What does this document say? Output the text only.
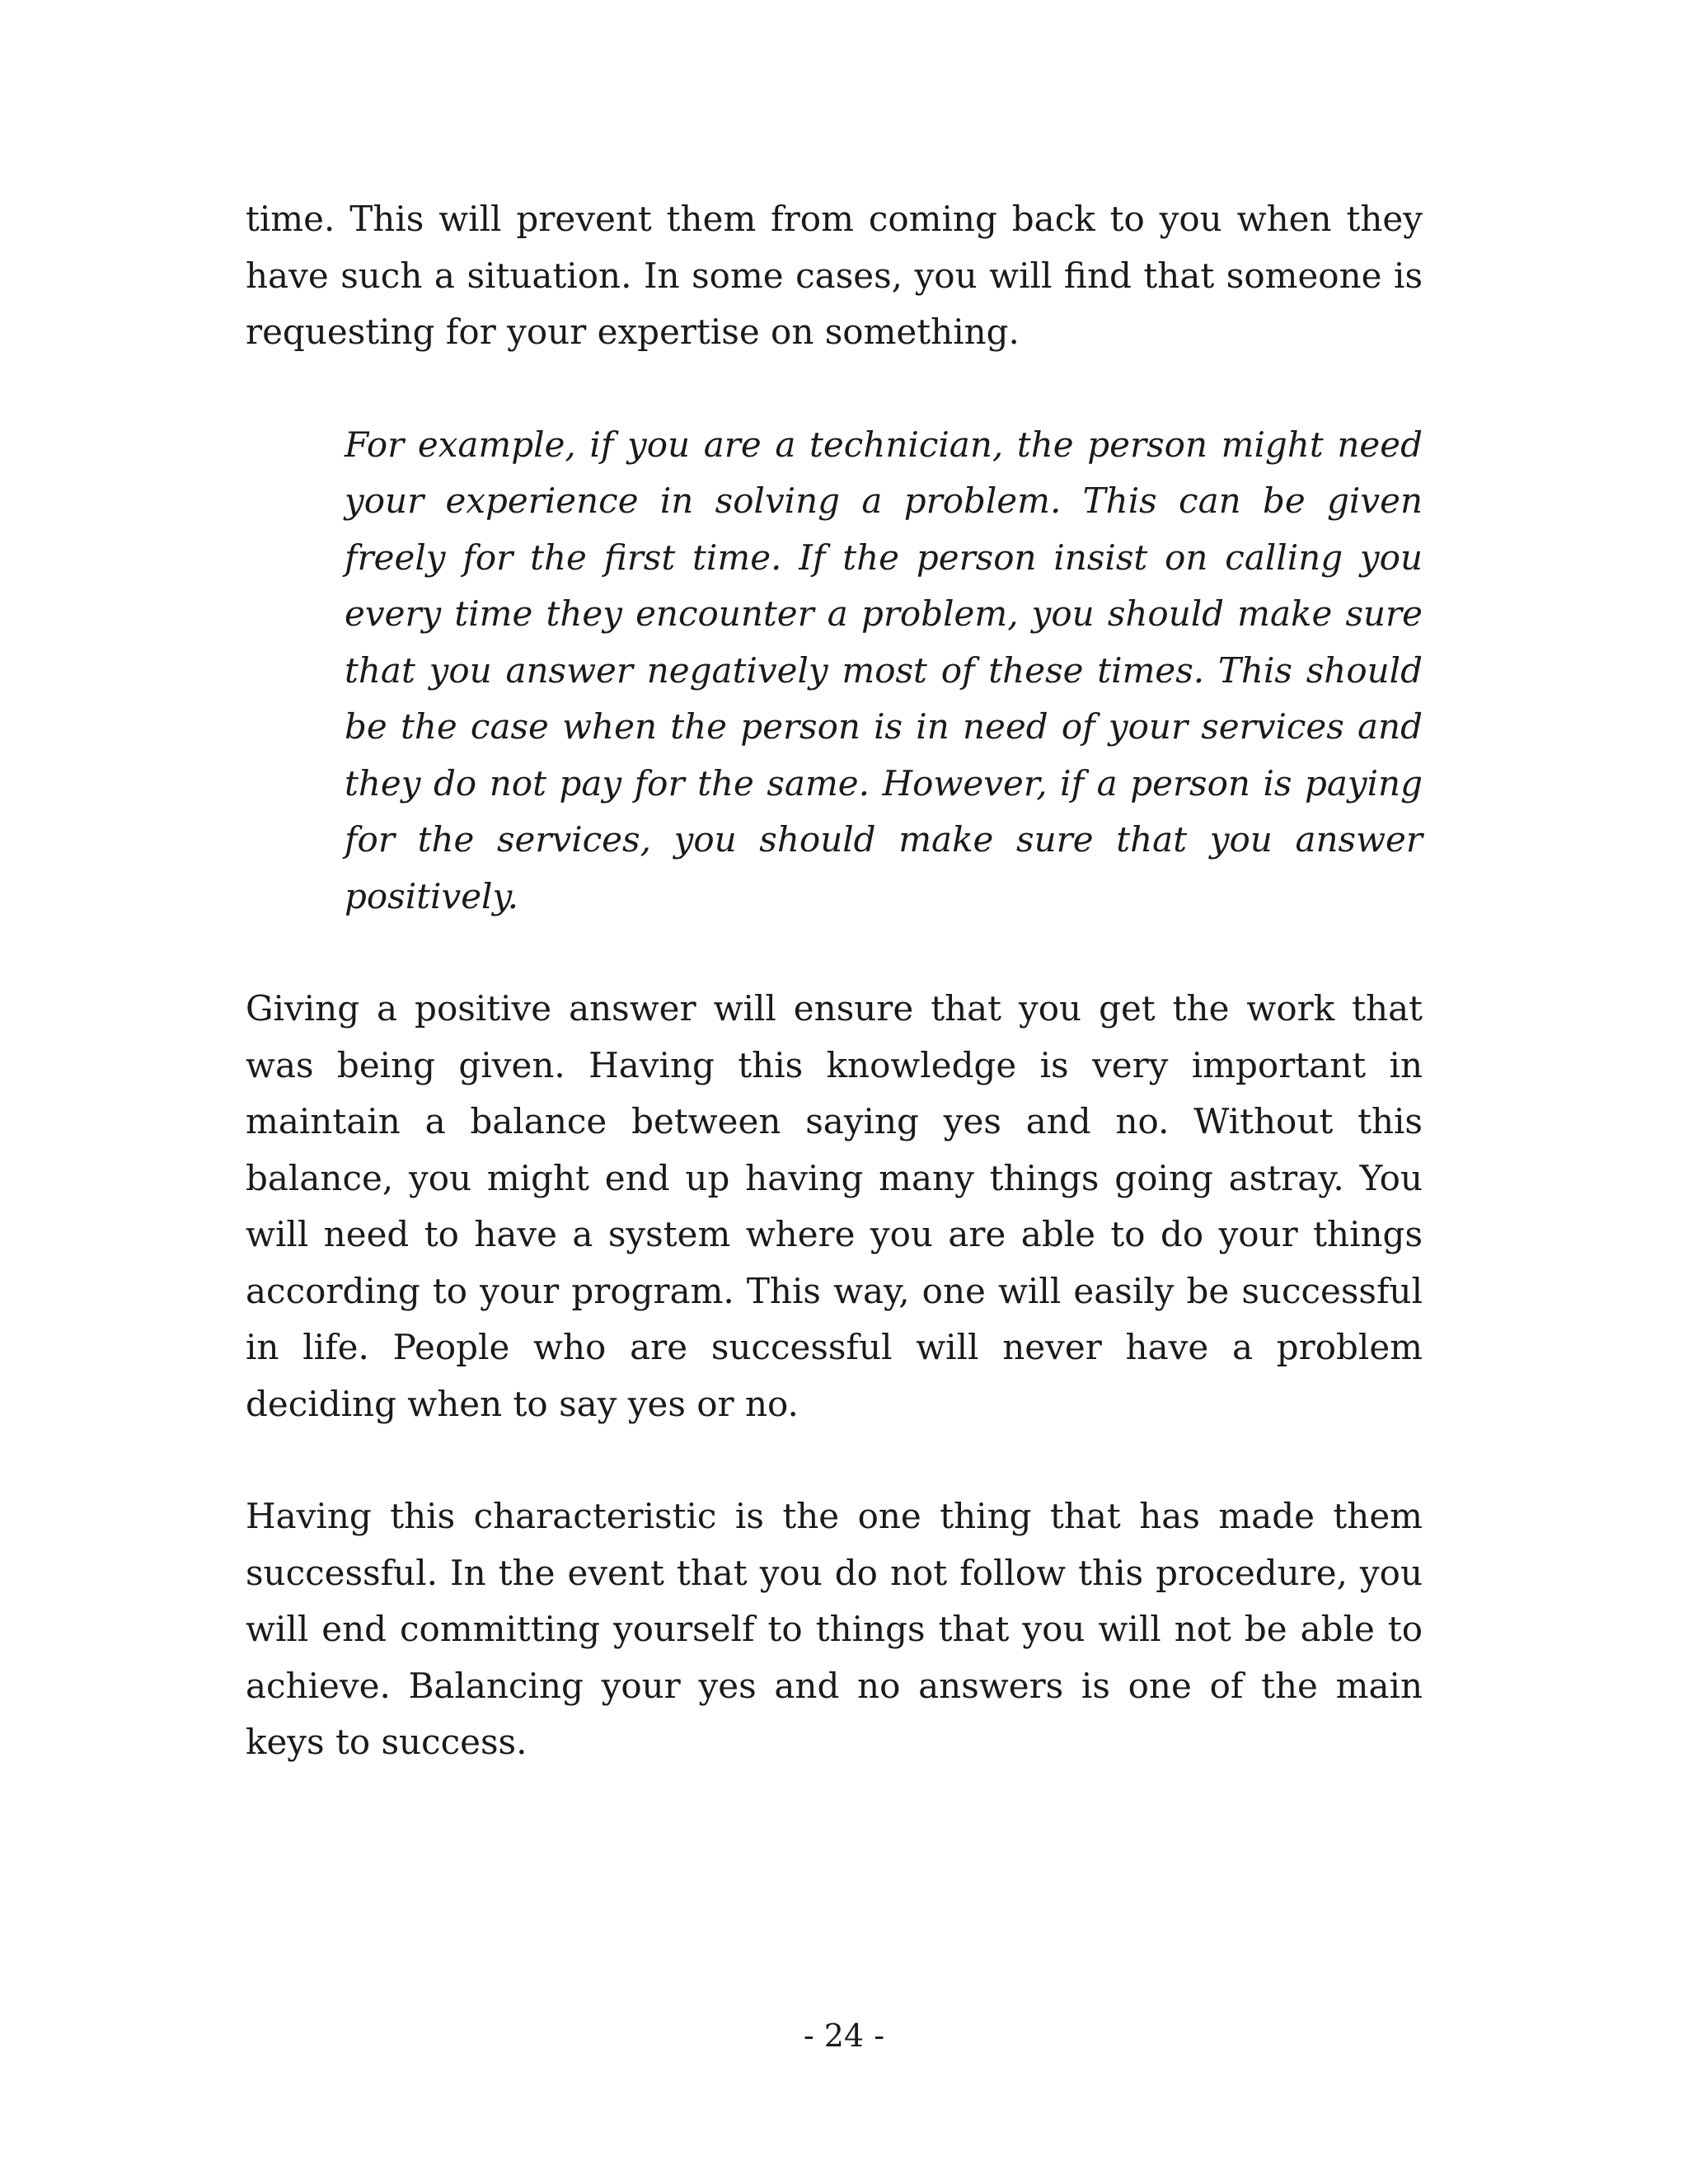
time. This will prevent them from coming back to you when they have such a situation. In some cases, you will find that someone is requesting for your expertise on something.

For example, if you are a technician, the person might need your experience in solving a problem. This can be given freely for the first time. If the person insist on calling you every time they encounter a problem, you should make sure that you answer negatively most of these times. This should be the case when the person is in need of your services and they do not pay for the same. However, if a person is paying for the services, you should make sure that you answer positively.

Giving a positive answer will ensure that you get the work that was being given. Having this knowledge is very important in maintain a balance between saying yes and no. Without this balance, you might end up having many things going astray. You will need to have a system where you are able to do your things according to your program. This way, one will easily be successful in life. People who are successful will never have a problem deciding when to say yes or no.

Having this characteristic is the one thing that has made them successful. In the event that you do not follow this procedure, you will end committing yourself to things that you will not be able to achieve. Balancing your yes and no answers is one of the main keys to success.

- 24 -
